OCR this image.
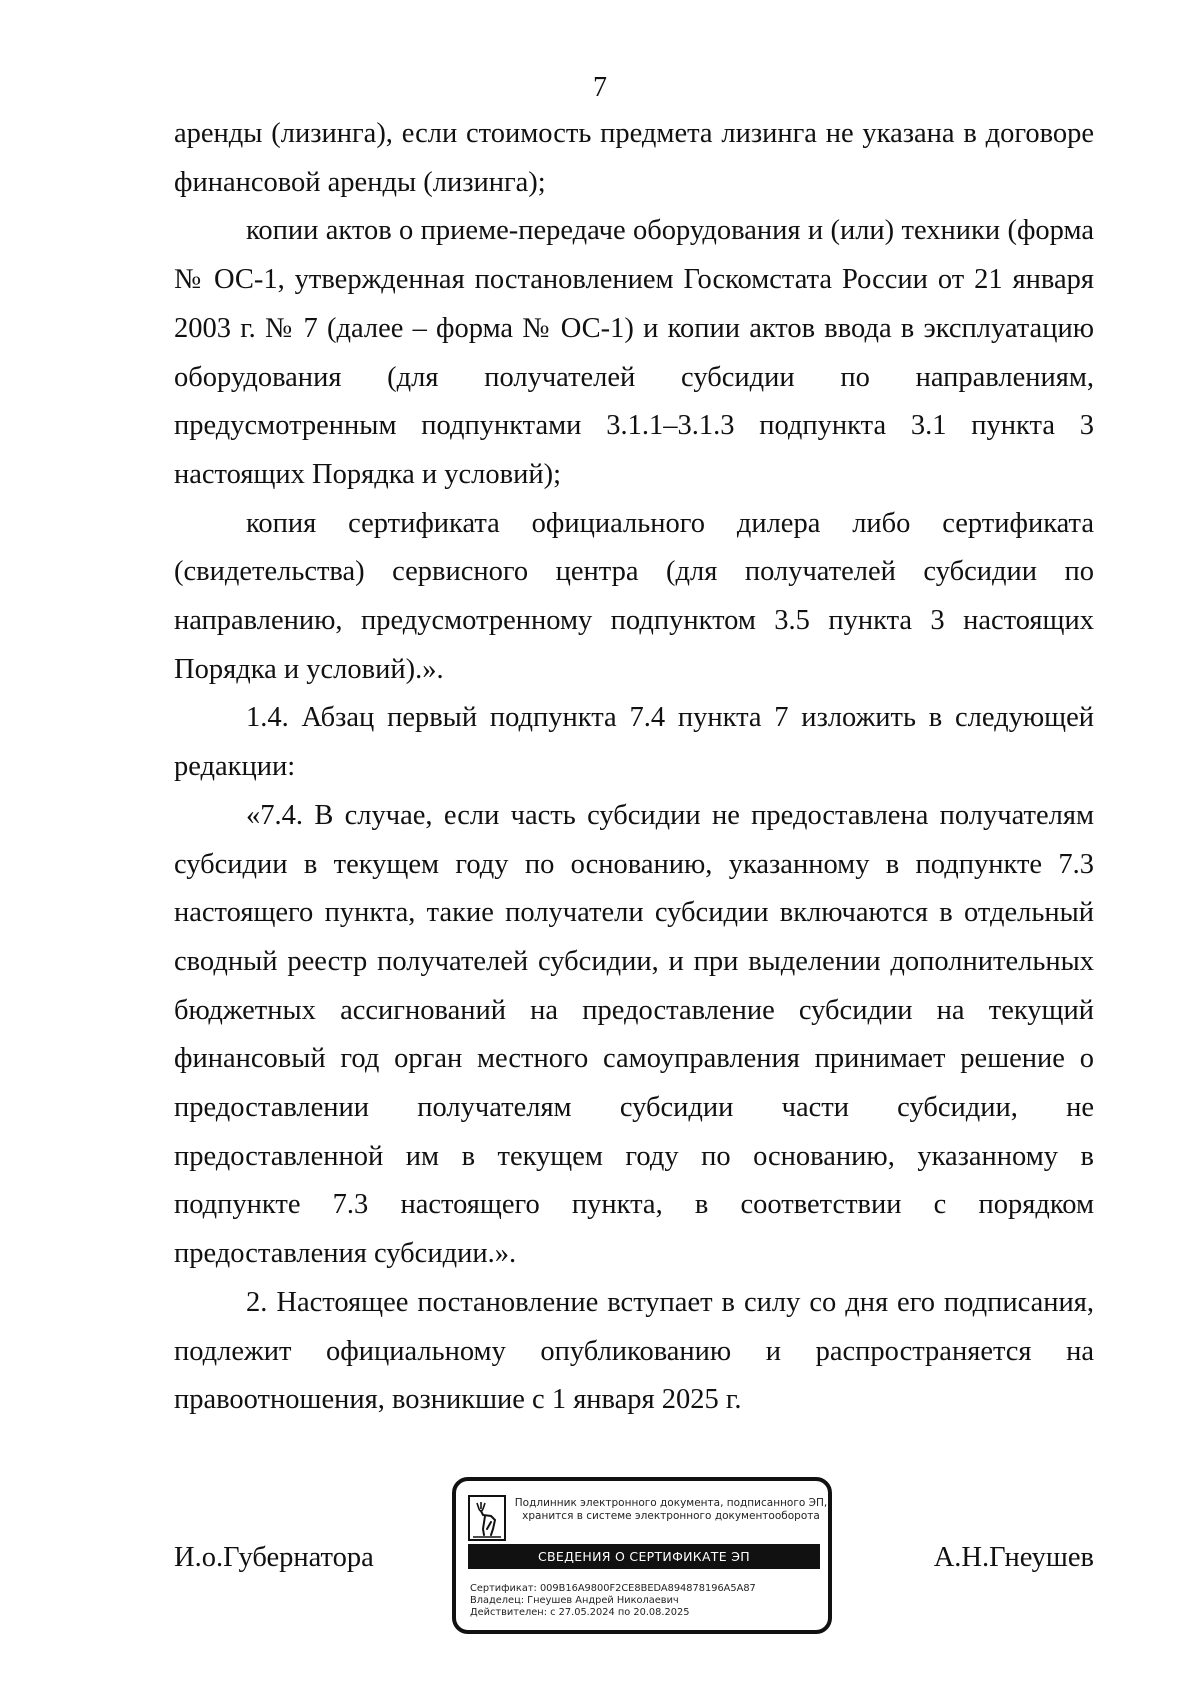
7

аренды (лизинга), если стоимость предмета лизинга не указана в договоре финансовой аренды (лизинга);

копии актов о приеме-передаче оборудования и (или) техники (форма № ОС-1, утвержденная постановлением Госкомстата России от 21 января 2003 г. № 7 (далее – форма № ОС-1) и копии актов ввода в эксплуатацию оборудования (для получателей субсидии по направлениям, предусмотренным подпунктами 3.1.1–3.1.3 подпункта 3.1 пункта 3 настоящих Порядка и условий);

копия сертификата официального дилера либо сертификата (свидетельства) сервисного центра (для получателей субсидии по направлению, предусмотренному подпунктом 3.5 пункта 3 настоящих Порядка и условий).».

1.4. Абзац первый подпункта 7.4 пункта 7 изложить в следующей редакции:

«7.4. В случае, если часть субсидии не предоставлена получателям субсидии в текущем году по основанию, указанному в подпункте 7.3 настоящего пункта, такие получатели субсидии включаются в отдельный сводный реестр получателей субсидии, и при выделении дополнительных бюджетных ассигнований на предоставление субсидии на текущий финансовый год орган местного самоуправления принимает решение о предоставлении получателям субсидии части субсидии, не предоставленной им в текущем году по основанию, указанному в подпункте 7.3 настоящего пункта, в соответствии с порядком предоставления субсидии.».

2. Настоящее постановление вступает в силу со дня его подписания, подлежит официальному опубликованию и распространяется на правоотношения, возникшие с 1 января 2025 г.

И.о.Губернатора
Подлинник электронного документа, подписанного ЭП, хранится в системе электронного документооборота
СВЕДЕНИЯ О СЕРТИФИКАТЕ ЭП
Сертификат: 009B16A9800F2CE8BEDA894878196A5A87
Владелец: Гнеушев Андрей Николаевич
Действителен: с 27.05.2024 по 20.08.2025
А.Н.Гнеушев
